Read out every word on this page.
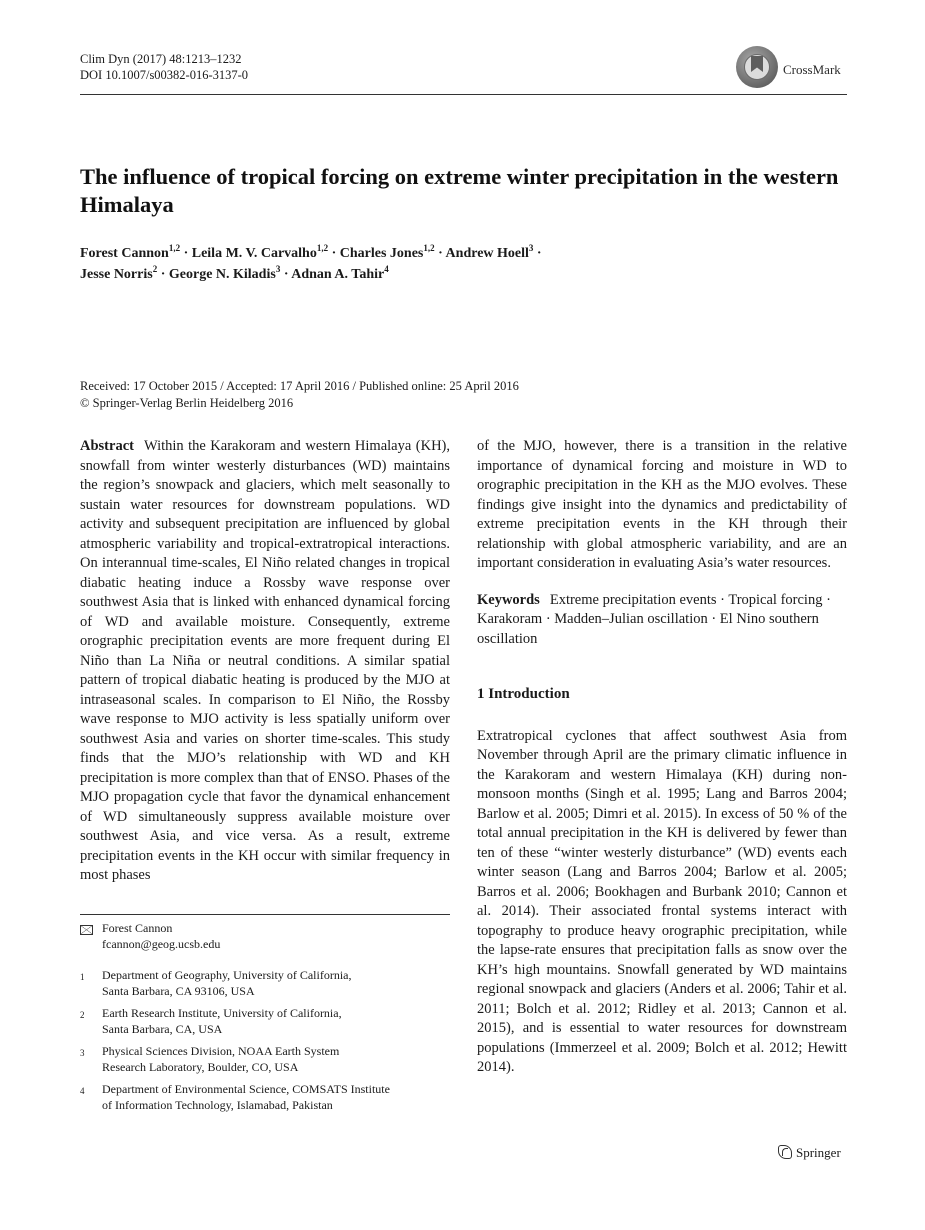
Clim Dyn (2017) 48:1213–1232
DOI 10.1007/s00382-016-3137-0	CrossMark
The influence of tropical forcing on extreme winter precipitation in the western Himalaya
Forest Cannon$^{1,2}$ · Leila M. V. Carvalho$^{1,2}$ · Charles Jones$^{1,2}$ · Andrew Hoell$^3$ ·
Jesse Norris$^2$ · George N. Kiladis$^3$ · Adnan A. Tahir$^4$
Received: 17 October 2015 / Accepted: 17 April 2016 / Published online: 25 April 2016
© Springer-Verlag Berlin Heidelberg 2016

Abstract Within the Karakoram and western Himalaya (KH), snowfall from winter westerly disturbances (WD) maintains the region’s snowpack and glaciers, which melt seasonally to sustain water resources for downstream populations. WD activity and subsequent precipitation are influenced by global atmospheric variability and tropical-extratropical interactions. On interannual time-scales, El Niño related changes in tropical diabatic heating induce a Rossby wave response over southwest Asia that is linked with enhanced dynamical forcing of WD and available moisture. Consequently, extreme orographic precipitation events are more frequent during El Niño than La Niña or neutral conditions. A similar spatial pattern of tropical diabatic heating is produced by the MJO at intraseasonal scales. In comparison to El Niño, the Rossby wave response to MJO activity is less spatially uniform over southwest Asia and varies on shorter time-scales. This study finds that the MJO’s relationship with WD and KH precipitation is more complex than that of ENSO. Phases of the MJO propagation cycle that favor the dynamical enhancement of WD simultaneously suppress available moisture over southwest Asia, and vice versa. As a result, extreme precipitation events in the KH occur with similar frequency in most phases

Forest Cannon
fcannon@geog.ucsb.edu
1	Department of Geography, University of California,
Santa Barbara, CA 93106, USA
2	Earth Research Institute, University of California,
Santa Barbara, CA, USA
3	Physical Sciences Division, NOAA Earth System
Research Laboratory, Boulder, CO, USA
4	Department of Environmental Science, COMSATS Institute
of Information Technology, Islamabad, Pakistan

of the MJO, however, there is a transition in the relative importance of dynamical forcing and moisture in WD to orographic precipitation in the KH as the MJO evolves. These findings give insight into the dynamics and predictability of extreme precipitation events in the KH through their relationship with global atmospheric variability, and are an important consideration in evaluating Asia’s water resources.

Keywords Extreme precipitation events · Tropical forcing · Karakoram · Madden–Julian oscillation · El Nino southern oscillation

1 Introduction

Extratropical cyclones that affect southwest Asia from November through April are the primary climatic influence in the Karakoram and western Himalaya (KH) during non-monsoon months (Singh et al. 1995; Lang and Barros 2004; Barlow et al. 2005; Dimri et al. 2015). In excess of 50 % of the total annual precipitation in the KH is delivered by fewer than ten of these “winter westerly disturbance” (WD) events each winter season (Lang and Barros 2004; Barlow et al. 2005; Barros et al. 2006; Bookhagen and Burbank 2010; Cannon et al. 2014). Their associated frontal systems interact with topography to produce heavy orographic precipitation, while the lapse-rate ensures that precipitation falls as snow over the KH’s high mountains. Snowfall generated by WD maintains regional snowpack and glaciers (Anders et al. 2006; Tahir et al. 2011; Bolch et al. 2012; Ridley et al. 2013; Cannon et al. 2015), and is essential to water resources for downstream populations (Immerzeel et al. 2009; Bolch et al. 2012; Hewitt 2014).

Springer
